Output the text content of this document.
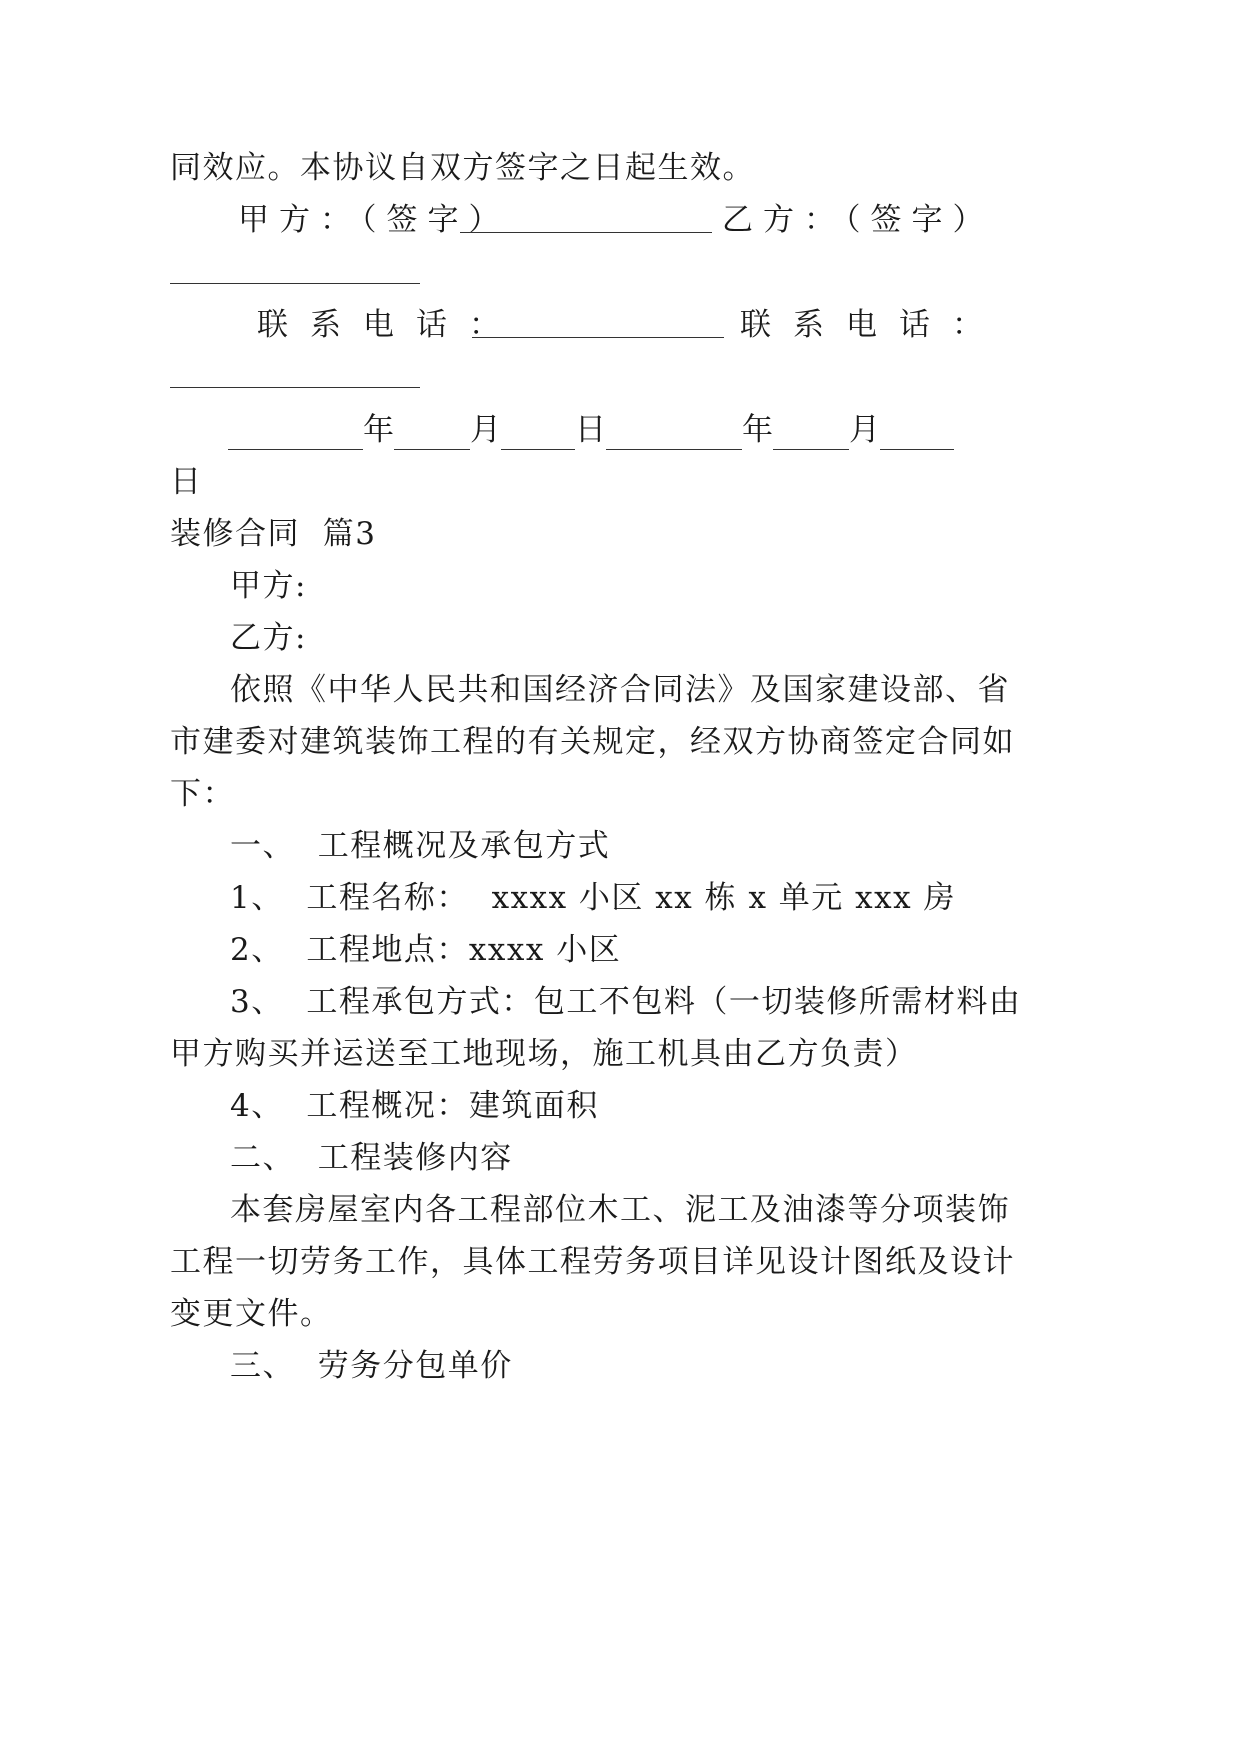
同效应。本协议自双方签字之日起生效。
甲方：（签字）	乙方：（签字）
联系电话：	联系电话：
年 月 日	年 月
日
装修合同  篇3
甲方:
乙方:
依照《中华人民共和国经济合同法》及国家建设部、省
市建委对建筑装饰工程的有关规定，经双方协商签定合同如
下：
一、  工程概况及承包方式
1、  工程名称：  xxxx 小区 xx 栋 x 单元 xxx 房
2、  工程地点：xxxx 小区
3、  工程承包方式：包工不包料（一切装修所需材料由
甲方购买并运送至工地现场，施工机具由乙方负责）
4、  工程概况：建筑面积
二、  工程装修内容
本套房屋室内各工程部位木工、泥工及油漆等分项装饰
工程一切劳务工作，具体工程劳务项目详见设计图纸及设计
变更文件。
三、  劳务分包单价
